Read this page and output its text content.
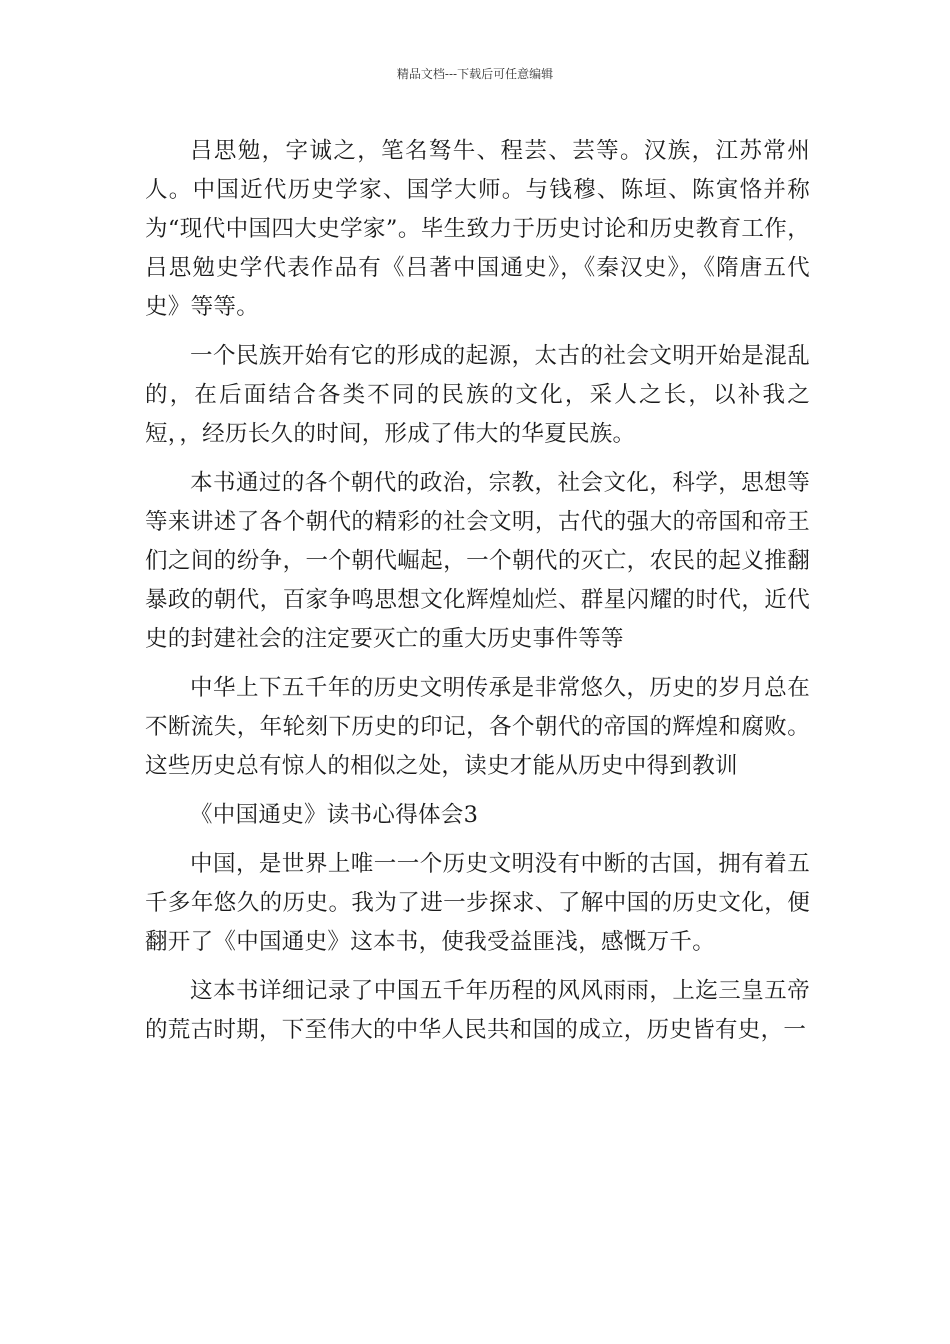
精品文档---下载后可任意编辑

吕思勉，字诚之，笔名驽牛、程芸、芸等。汉族，江苏常州人。中国近代历史学家、国学大师。与钱穆、陈垣、陈寅恪并称为“现代中国四大史学家”。毕生致力于历史讨论和历史教育工作，吕思勉史学代表作品有《吕著中国通史》，《秦汉史》，《隋唐五代史》等等。

一个民族开始有它的形成的起源，太古的社会文明开始是混乱的，在后面结合各类不同的民族的文化，采人之长，以补我之短，，经历长久的时间，形成了伟大的华夏民族。

本书通过的各个朝代的政治，宗教，社会文化，科学，思想等等来讲述了各个朝代的精彩的社会文明，古代的强大的帝国和帝王们之间的纷争，一个朝代崛起，一个朝代的灭亡，农民的起义推翻暴政的朝代，百家争鸣思想文化辉煌灿烂、群星闪耀的时代，近代史的封建社会的注定要灭亡的重大历史事件等等

中华上下五千年的历史文明传承是非常悠久，历史的岁月总在不断流失，年轮刻下历史的印记，各个朝代的帝国的辉煌和腐败。这些历史总有惊人的相似之处，读史才能从历史中得到教训

《中国通史》读书心得体会3

中国，是世界上唯一一个历史文明没有中断的古国，拥有着五千多年悠久的历史。我为了进一步探求、了解中国的历史文化，便翻开了《中国通史》这本书，使我受益匪浅，感慨万千。

这本书详细记录了中国五千年历程的风风雨雨，上迄三皇五帝的荒古时期，下至伟大的中华人民共和国的成立，历史皆有史，一
